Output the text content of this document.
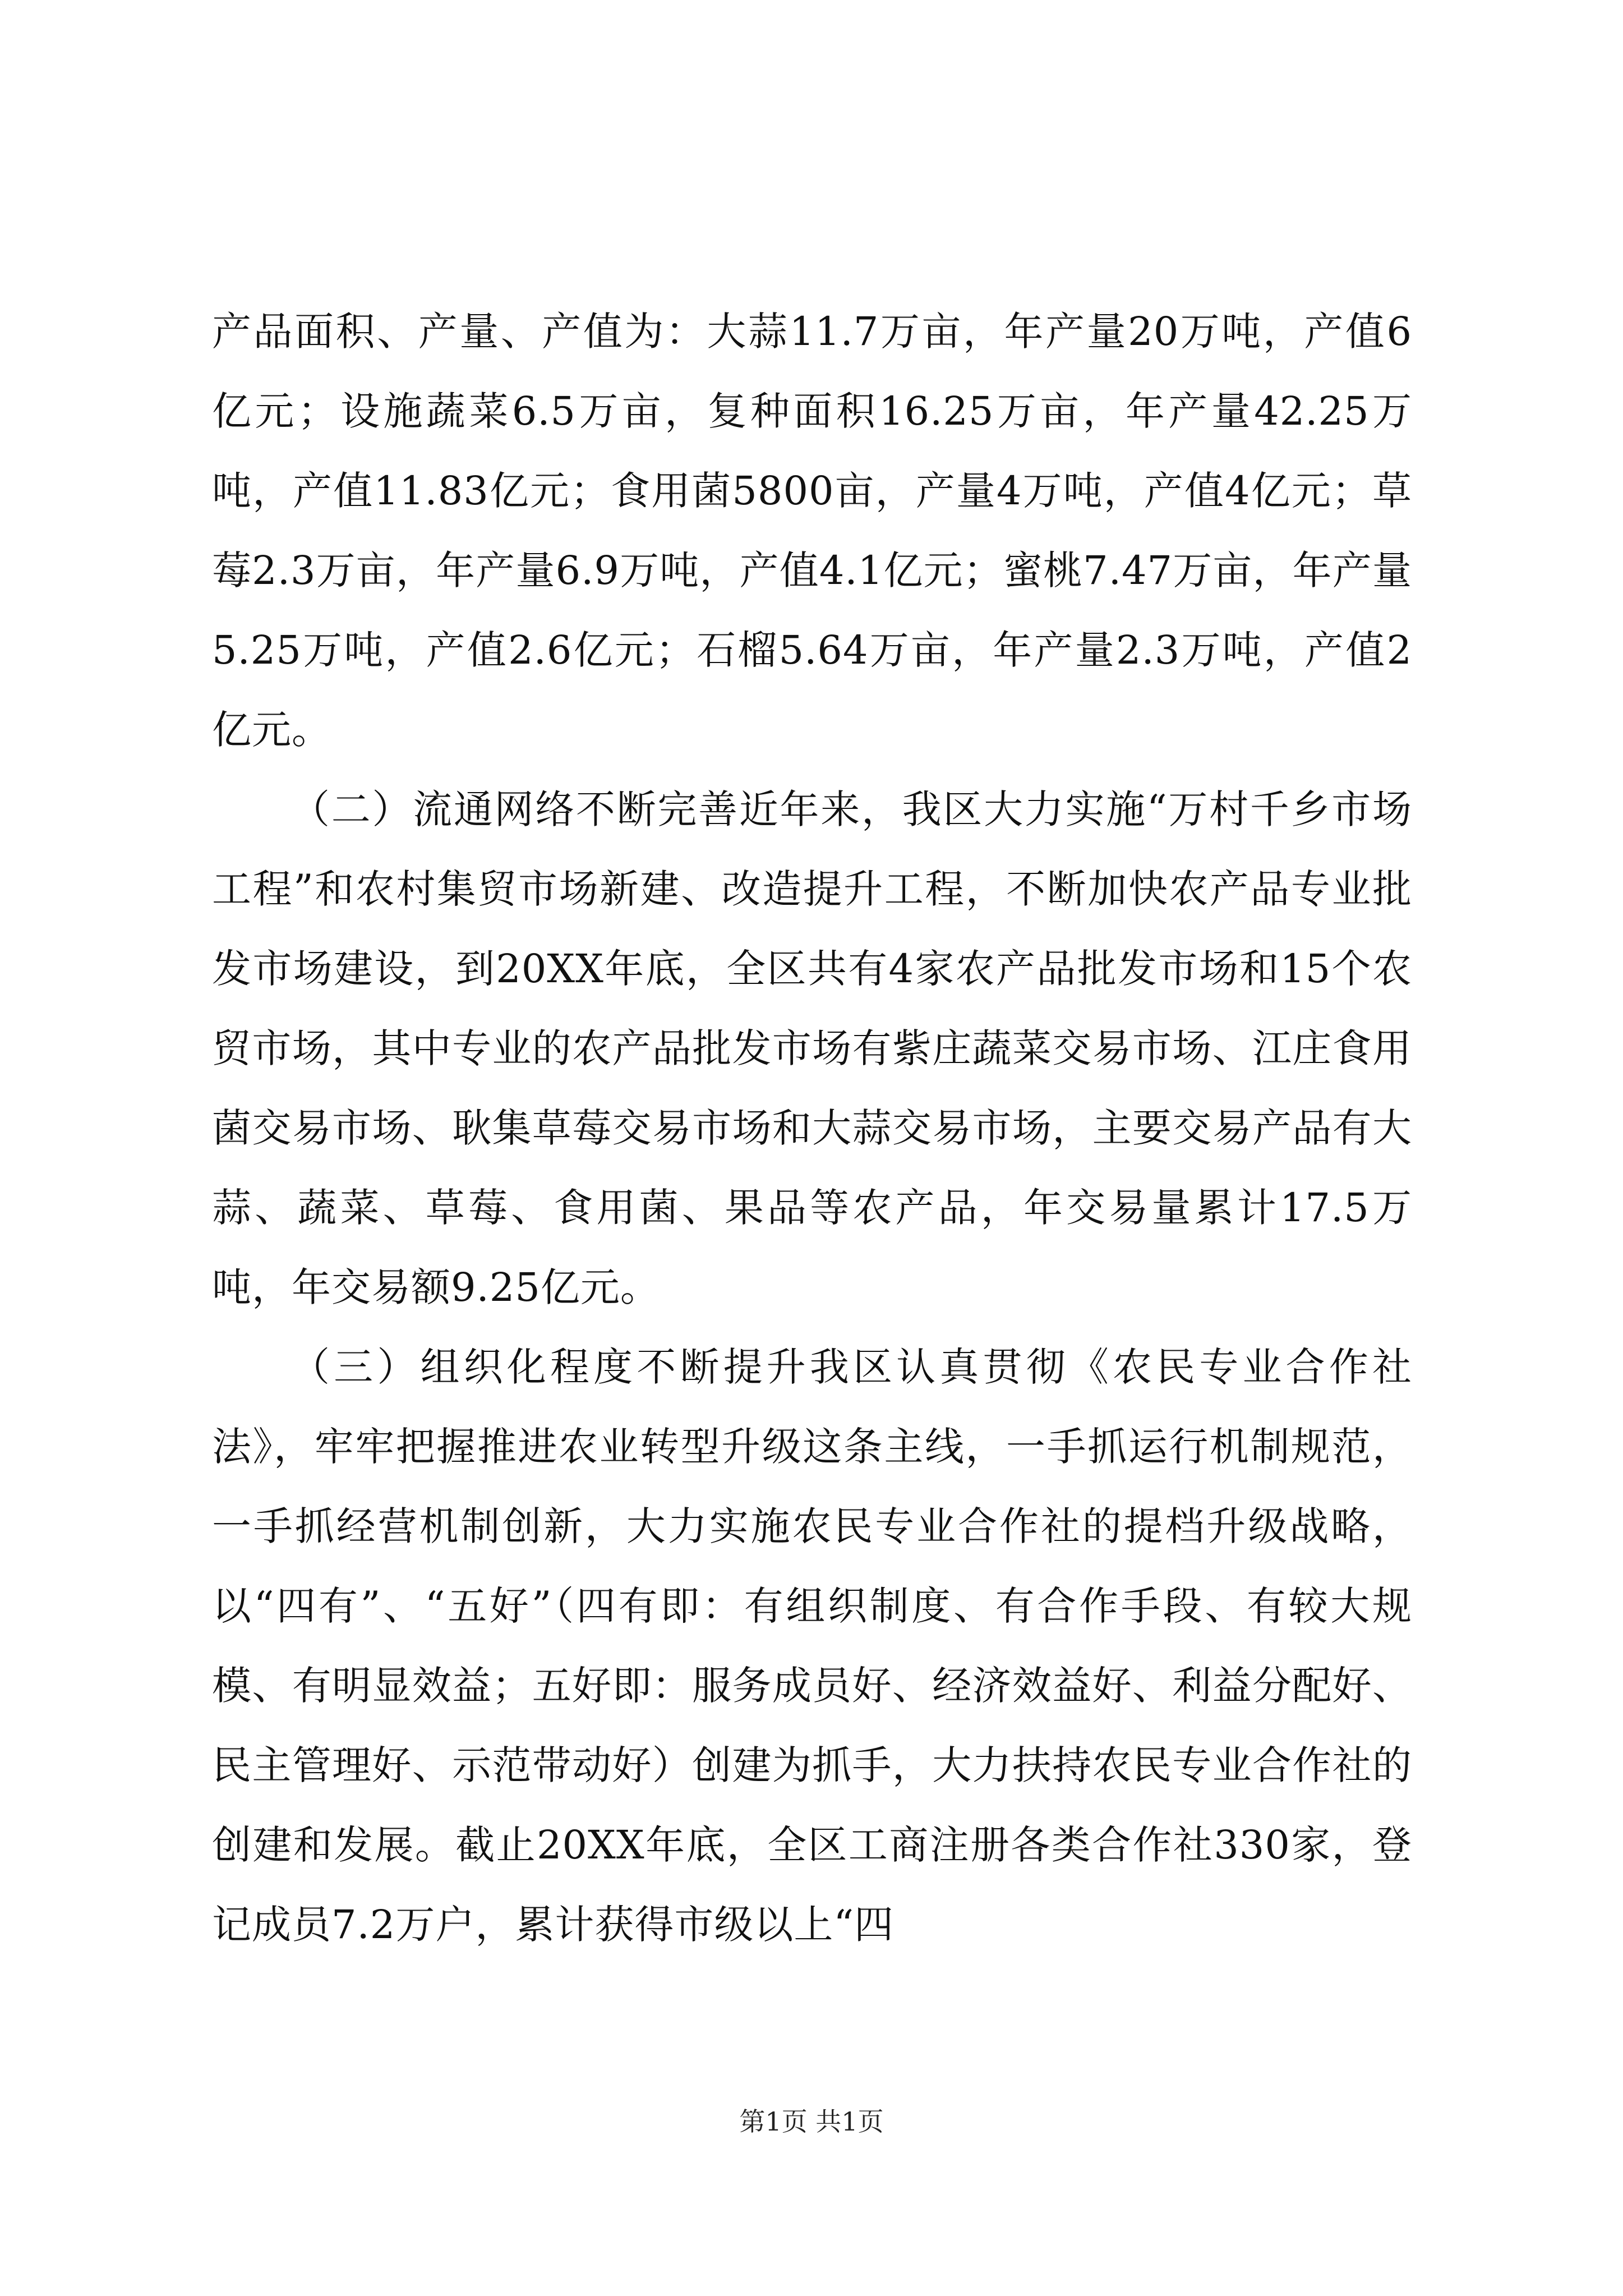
产品面积、产量、产值为：大蒜11.7万亩，年产量20万吨，产值6亿元；设施蔬菜6.5万亩，复种面积16.25万亩，年产量42.25万吨，产值11.83亿元；食用菌5800亩，产量4万吨，产值4亿元；草莓2.3万亩，年产量6.9万吨，产值4.1亿元；蜜桃7.47万亩，年产量5.25万吨，产值2.6亿元；石榴5.64万亩，年产量2.3万吨，产值2亿元。

（二）流通网络不断完善近年来，我区大力实施“万村千乡市场工程”和农村集贸市场新建、改造提升工程，不断加快农产品专业批发市场建设，到20XX年底，全区共有4家农产品批发市场和15个农贸市场，其中专业的农产品批发市场有紫庄蔬菜交易市场、江庄食用菌交易市场、耿集草莓交易市场和大蒜交易市场，主要交易产品有大蒜、蔬菜、草莓、食用菌、果品等农产品，年交易量累计17.5万吨，年交易额9.25亿元。

（三）组织化程度不断提升我区认真贯彻《农民专业合作社法》，牢牢把握推进农业转型升级这条主线，一手抓运行机制规范，一手抓经营机制创新，大力实施农民专业合作社的提档升级战略，以“四有”、“五好”（四有即：有组织制度、有合作手段、有较大规模、有明显效益；五好即：服务成员好、经济效益好、利益分配好、民主管理好、示范带动好）创建为抓手，大力扶持农民专业合作社的创建和发展。截止20XX年底，全区工商注册各类合作社330家，登记成员7.2万户，累计获得市级以上“四

第1页 共1页
